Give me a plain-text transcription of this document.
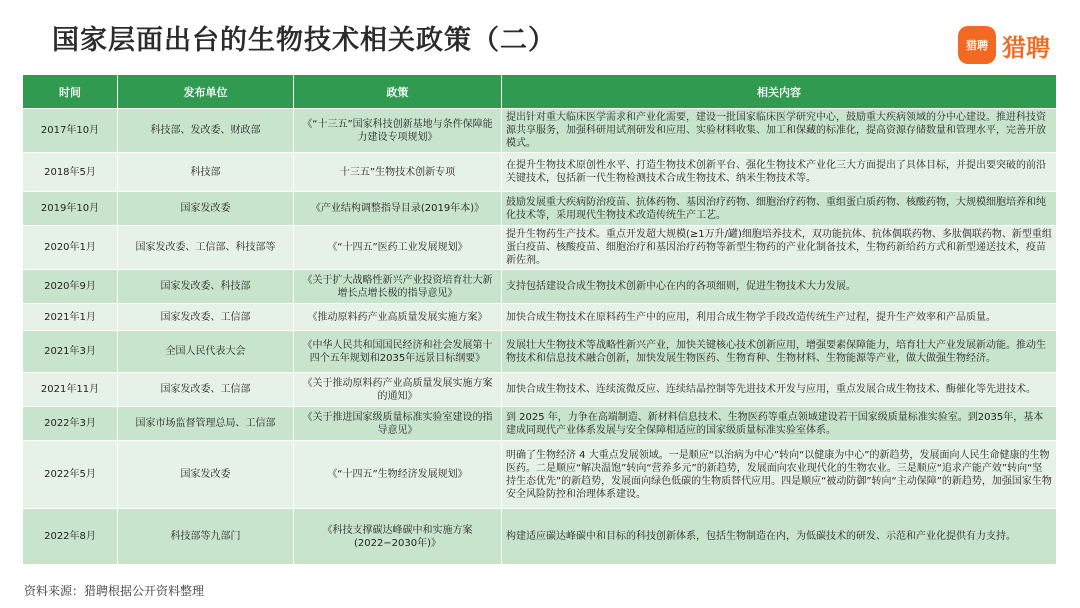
国家层面出台的生物技术相关政策（二）	猎聘 猎聘
时间	发布单位	政策	相关内容
2017年10月	科技部、发改委、财政部	《“十三五”国家科技创新基地与条件保障能力建设专项规划》	提出针对重大临床医学需求和产业化需要，建设一批国家临床医学研究中心，鼓励重大疾病领域的分中心建设。推进科技资源共享服务，加强科研用试剂研发和应用、实验材料收集、加工和保藏的标准化，提高资源存储数量和管理水平，完善开放模式。
2018年5月	科技部	十三五”生物技术创新专项	在提升生物技术原创性水平、打造生物技术创新平台、强化生物技术产业化三大方面提出了具体目标，并提出要突破的前沿关键技术，包括新一代生物检测技术合成生物技术、纳米生物技术等。
2019年10月	国家发改委	《产业结构调整指导目录(2019年本)》	鼓励发展重大疾病防治疫苗、抗体药物、基因治疗药物、细胞治疗药物、重组蛋白质药物、核酸药物，大规模细胞培养和纯化技术等，采用现代生物技术改造传统生产工艺。
2020年1月	国家发改委、工信部、科技部等	《“十四五”医药工业发展规划》	提升生物药生产技术。重点开发超大规模(≥1万升/罐)细胞培养技术，双功能抗体、抗体偶联药物、多肽偶联药物、新型重组蛋白疫苗、核酸疫苗、细胞治疗和基因治疗药物等新型生物药的产业化制备技术，生物药新给药方式和新型递送技术，疫苗新佐剂。
2020年9月	国家发改委、科技部	《关于扩大战略性新兴产业投资培育壮大新增长点增长极的指导意见》	支持包括建设合成生物技术创新中心在内的各项细则，促进生物技术大力发展。
2021年1月	国家发改委、工信部	《推动原料药产业高质量发展实施方案》	加快合成生物技术在原料药生产中的应用，利用合成生物学手段改造传统生产过程，提升生产效率和产品质量。
2021年3月	全国人民代表大会	《中华人民共和国国民经济和社会发展第十四个五年规划和2035年远景目标纲要》	发展壮大生物技术等战略性新兴产业，加快关键核心技术创新应用，增强要素保障能力，培育壮大产业发展新动能。推动生物技术和信息技术融合创新，加快发展生物医药、生物育种、生物材料、生物能源等产业，做大做强生物经济。
2021年11月	国家发改委、工信部	《关于推动原料药产业高质量发展实施方案的通知》	加快合成生物技术、连续流微反应、连续结晶控制等先进技术开发与应用，重点发展合成生物技术、酶催化等先进技术。
2022年3月	国家市场监督管理总局、工信部	《关于推进国家级质量标准实验室建设的指导意见》	到 2025 年，力争在高端制造、新材料信息技术、生物医药等重点领域建设若干国家级质量标准实验室。到2035年，基本建成同现代产业体系发展与安全保障相适应的国家级质量标准实验室体系。
2022年5月	国家发改委	《“十四五”生物经济发展规划》	明确了生物经济 4 大重点发展领域。一是顺应“以治病为中心”转向“以健康为中心”的新趋势，发展面向人民生命健康的生物医药。二是顺应“解决温饱”转向“营养多元”的新趋势，发展面向农业现代化的生物农业。三是顺应“追求产能产效”转向“坚持生态优先”的新趋势，发展面向绿色低碳的生物质替代应用。四是顺应“被动防御”转向“主动保障”的新趋势，加强国家生物安全风险防控和治理体系建设。
2022年8月	科技部等九部门	《科技支撑碳达峰碳中和实施方案(2022−2030年)》	构建适应碳达峰碳中和目标的科技创新体系，包括生物制造在内，为低碳技术的研发、示范和产业化提供有力支持。
资料来源：猎聘根据公开资料整理
